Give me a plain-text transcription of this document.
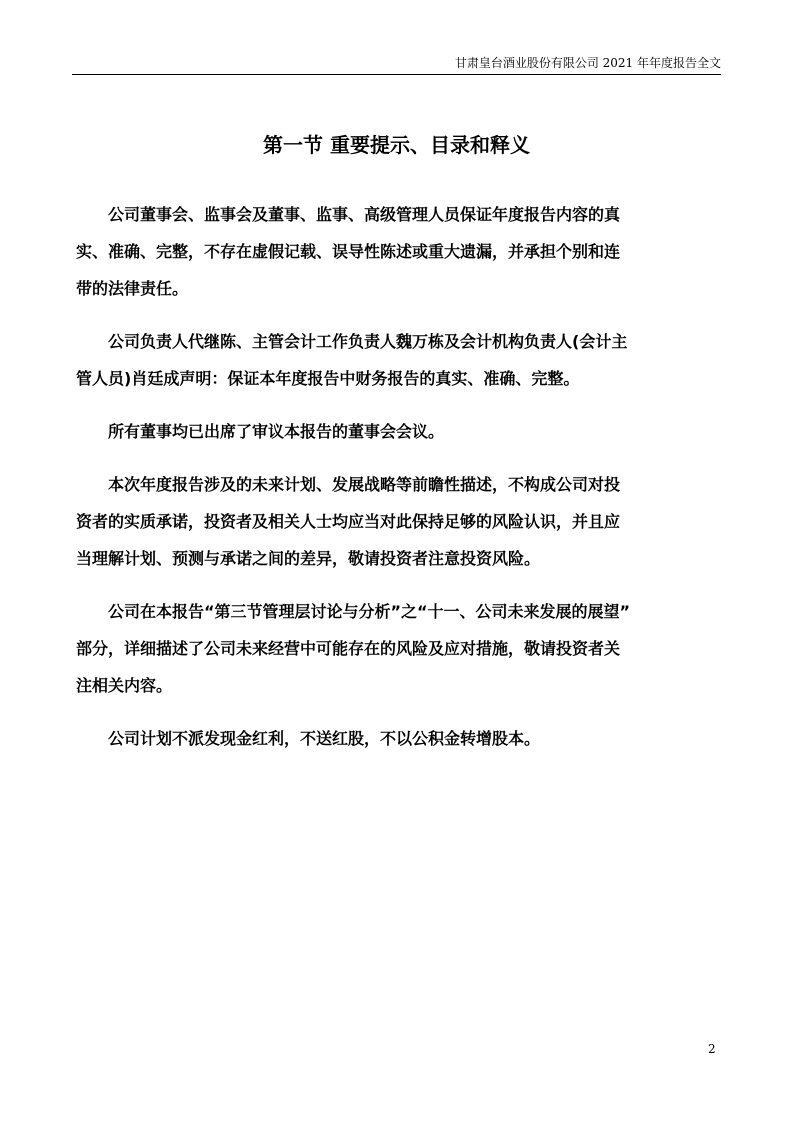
甘肃皇台酒业股份有限公司 2021 年年度报告全文
第一节 重要提示、目录和释义

公司董事会、监事会及董事、监事、高级管理人员保证年度报告内容的真
实、准确、完整，不存在虚假记载、误导性陈述或重大遗漏，并承担个别和连
带的法律责任。

公司负责人代继陈、主管会计工作负责人魏万栋及会计机构负责人(会计主
管人员)肖廷成声明：保证本年度报告中财务报告的真实、准确、完整。

所有董事均已出席了审议本报告的董事会会议。

本次年度报告涉及的未来计划、发展战略等前瞻性描述，不构成公司对投
资者的实质承诺，投资者及相关人士均应当对此保持足够的风险认识，并且应
当理解计划、预测与承诺之间的差异，敬请投资者注意投资风险。

公司在本报告“第三节管理层讨论与分析”之“十一、公司未来发展的展望”
部分，详细描述了公司未来经营中可能存在的风险及应对措施，敬请投资者关
注相关内容。

公司计划不派发现金红利，不送红股，不以公积金转增股本。

2
